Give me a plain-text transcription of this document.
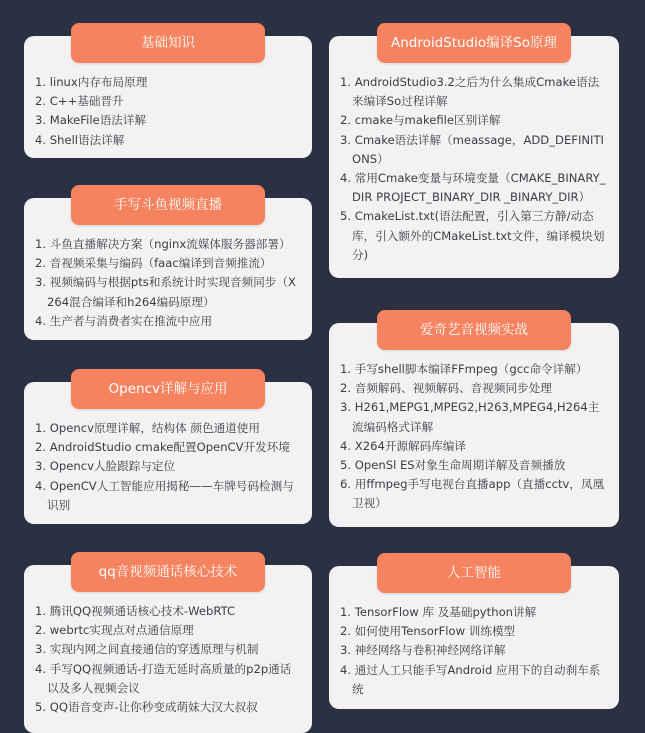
基础知识
1. linux内存布局原理
2. C++基础晋升
3. MakeFile语法详解
4. Shell语法详解
手写斗鱼视频直播
1. 斗鱼直播解决方案（nginx流媒体服务器部署）
2. 音视频采集与编码（faac编译到音频推流）
3. 视频编码与根据pts和系统计时实现音频同步（X264混合编译和h264编码原理）
4. 生产者与消费者实在推流中应用
Opencv详解与应用
1. Opencv原理详解，结构体 颜色通道使用
2. AndroidStudio cmake配置OpenCV开发环境
3. Opencv人脸跟踪与定位
4. OpenCV人工智能应用揭秘——车牌号码检测与识别
qq音视频通话核心技术
1. 腾讯QQ视频通话核心技术-WebRTC
2. webrtc实现点对点通信原理
3. 实现内网之间直接通信的穿透原理与机制
4. 手写QQ视频通话-打造无延时高质量的p2p通话以及多人视频会议
5. QQ语音变声-让你秒变成萌妹大汉大叔叔
AndroidStudio编译So原理
1. AndroidStudio3.2之后为什么集成Cmake语法来编译So过程详解
2. cmake与makefile区别详解
3. Cmake语法详解（meassage，ADD_DEFINITIONS）
4. 常用Cmake变量与环境变量（CMAKE_BINARY_DIR PROJECT_BINARY_DIR _BINARY_DIR）
5. CmakeList.txt(语法配置，引入第三方静/动态库，引入额外的CMakeList.txt文件，编译模块划分)
爱奇艺音视频实战
1. 手写shell脚本编译FFmpeg（gcc命令详解）
2. 音频解码、视频解码、音视频同步处理
3. H261,MEPG1,MPEG2,H263,MPEG4,H264主流编码格式详解
4. X264开源解码库编译
5. OpenSl ES对象生命周期详解及音频播放
6. 用ffmpeg手写电视台直播app（直播cctv，凤凰卫视）
人工智能
1. TensorFlow 库 及基础python讲解
2. 如何使用TensorFlow 训练模型
3. 神经网络与卷积神经网络详解
4. 通过人工只能手写Android 应用下的自动刹车系统
